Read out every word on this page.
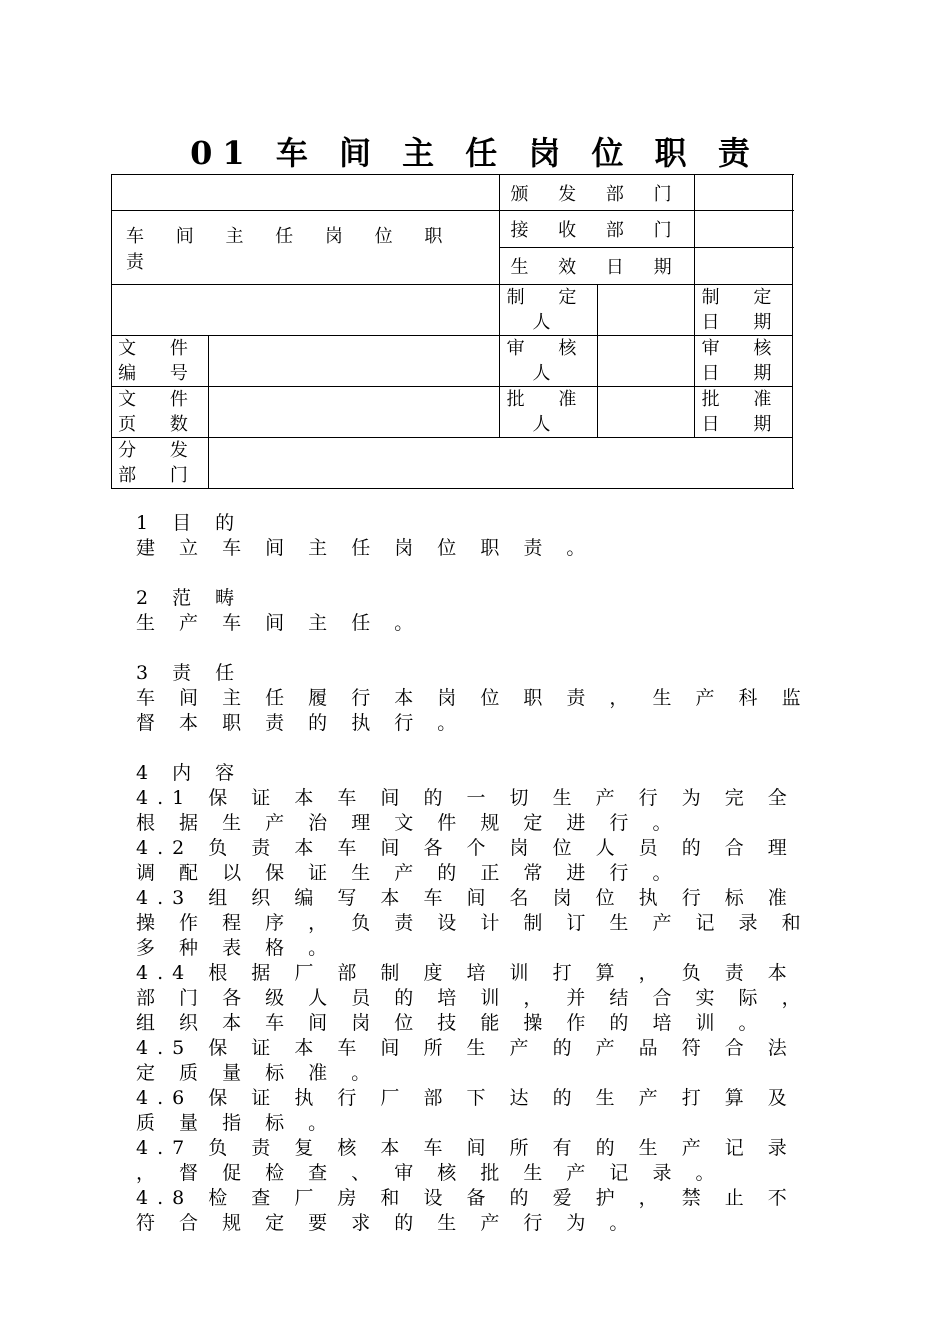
01 车 间 主 任 岗 位 职 责
		颁 发 部 门			
车 间 主 任 岗 位 职 责		接 收 部 门			
		生 效 日 期			
		制 定 人		制 定 日 期	
文 件 编 号		审 核 人		审 核 日 期	
文 件 页 数		批 准 人		批 准 日 期	
分 发 部 门					

1 目 的

建 立 车 间 主 任 岗 位 职 责 。

2 范 畴

生 产 车 间 主 任 。

3 责 任

车 间 主 任 履 行 本 岗 位 职 责 ， 生 产 科 监 督 本 职 责 的 执 行 。

4 内 容

4.1 保 证 本 车 间 的 一 切 生 产 行 为 完 全 根 据 生 产 治 理 文 件 规 定 进 行 。

4.2 负 责 本 车 间 各 个 岗 位 人 员 的 合 理 调 配 以 保 证 生 产 的 正 常 进 行 。

4.3 组 织 编 写 本 车 间 名 岗 位 执 行 标 准 操 作 程 序 ， 负 责 设 计 制 订 生 产 记 录 和 多 种 表 格 。

4.4 根 据 厂 部 制 度 培 训 打 算 ， 负 责 本 部 门 各 级 人 员 的 培 训 ， 并 结 合 实 际 ， 组 织 本 车 间 岗 位 技 能 操 作 的 培 训 。

4.5 保 证 本 车 间 所 生 产 的 产 品 符 合 法 定 质 量 标 准 。

4.6 保 证 执 行 厂 部 下 达 的 生 产 打 算 及 质 量 指 标 。

4.7 负 责 复 核 本 车 间 所 有 的 生 产 记 录 ， 督 促 检 查 、 审 核 批 生 产 记 录 。

4.8 检 查 厂 房 和 设 备 的 爱 护 ， 禁 止 不 符 合 规 定 要 求 的 生 产 行 为 。
